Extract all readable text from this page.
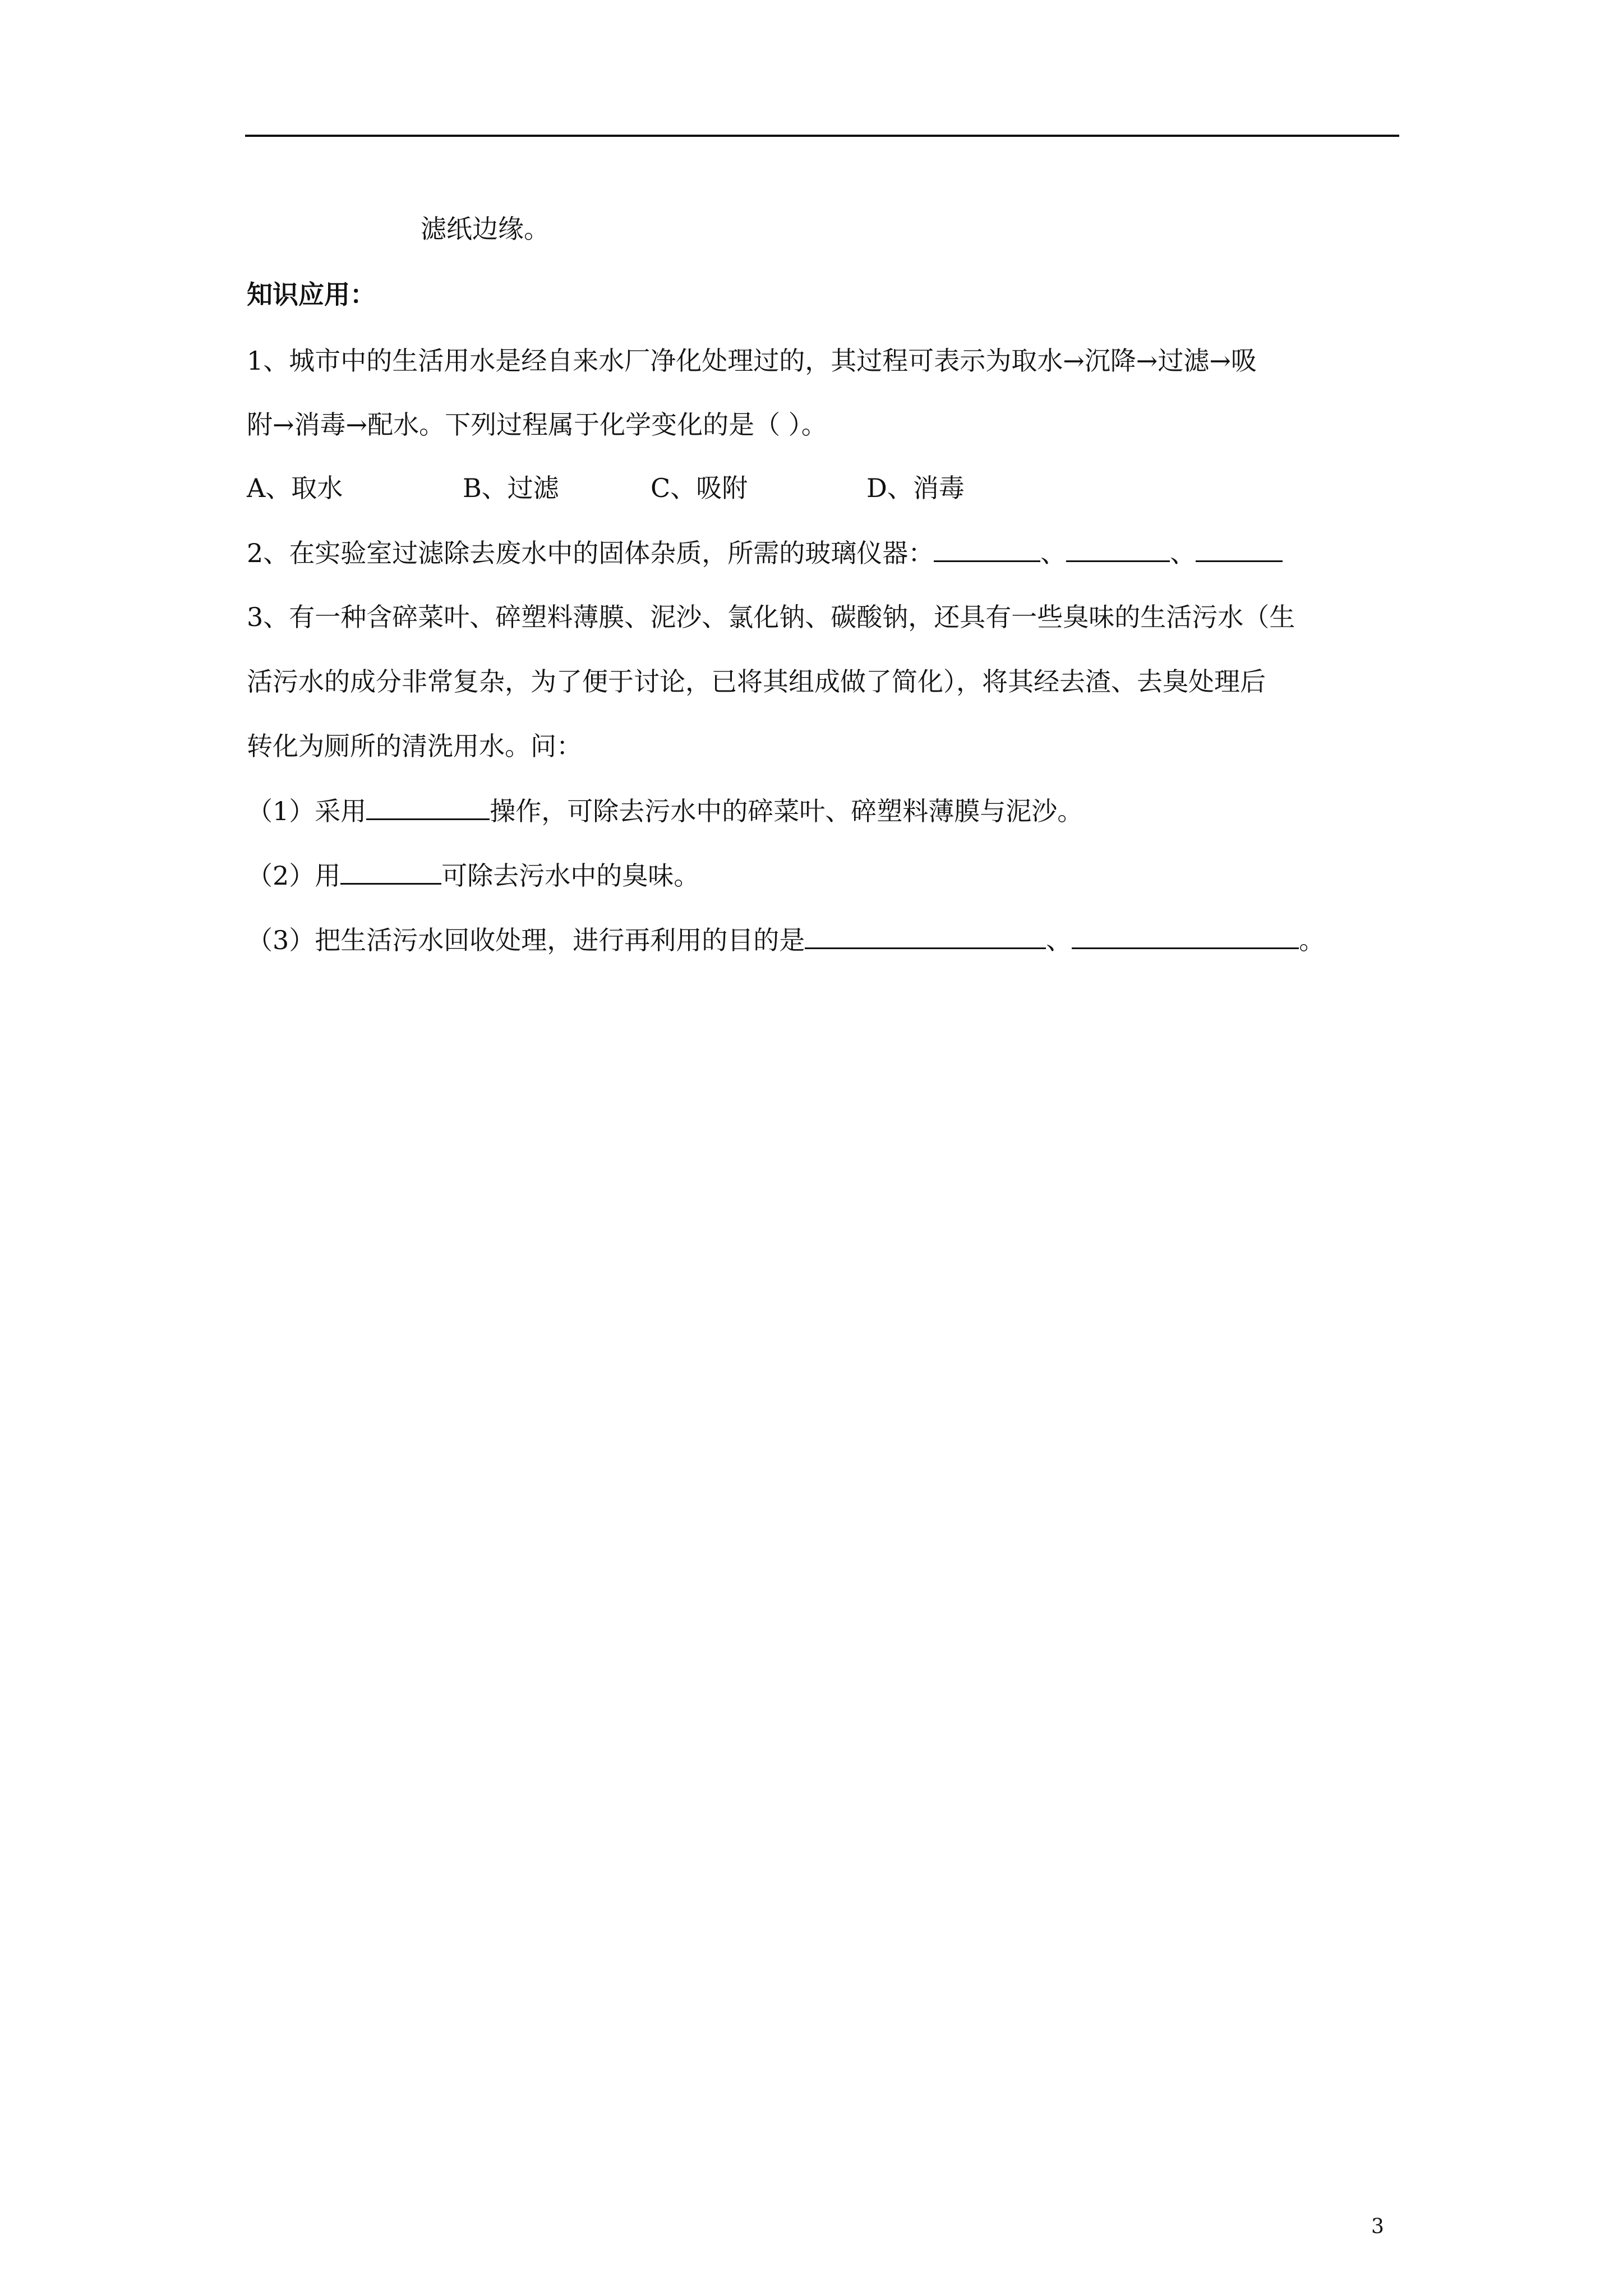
滤纸边缘。
知识应用：
1、城市中的生活用水是经自来水厂净化处理过的，其过程可表示为取水→沉降→过滤→吸
附→消毒→配水。下列过程属于化学变化的是（ ）。
A、取水	B、过滤	C、吸附	D、消毒
2、在实验室过滤除去废水中的固体杂质，所需的玻璃仪器：	、	、
3、有一种含碎菜叶、碎塑料薄膜、泥沙、氯化钠、碳酸钠，还具有一些臭味的生活污水（生
活污水的成分非常复杂，为了便于讨论，已将其组成做了简化），将其经去渣、去臭处理后
转化为厕所的清洗用水。问：
（1）采用	操作，可除去污水中的碎菜叶、碎塑料薄膜与泥沙。
（2）用	可除去污水中的臭味。
（3）把生活污水回收处理，进行再利用的目的是	、	。
3
